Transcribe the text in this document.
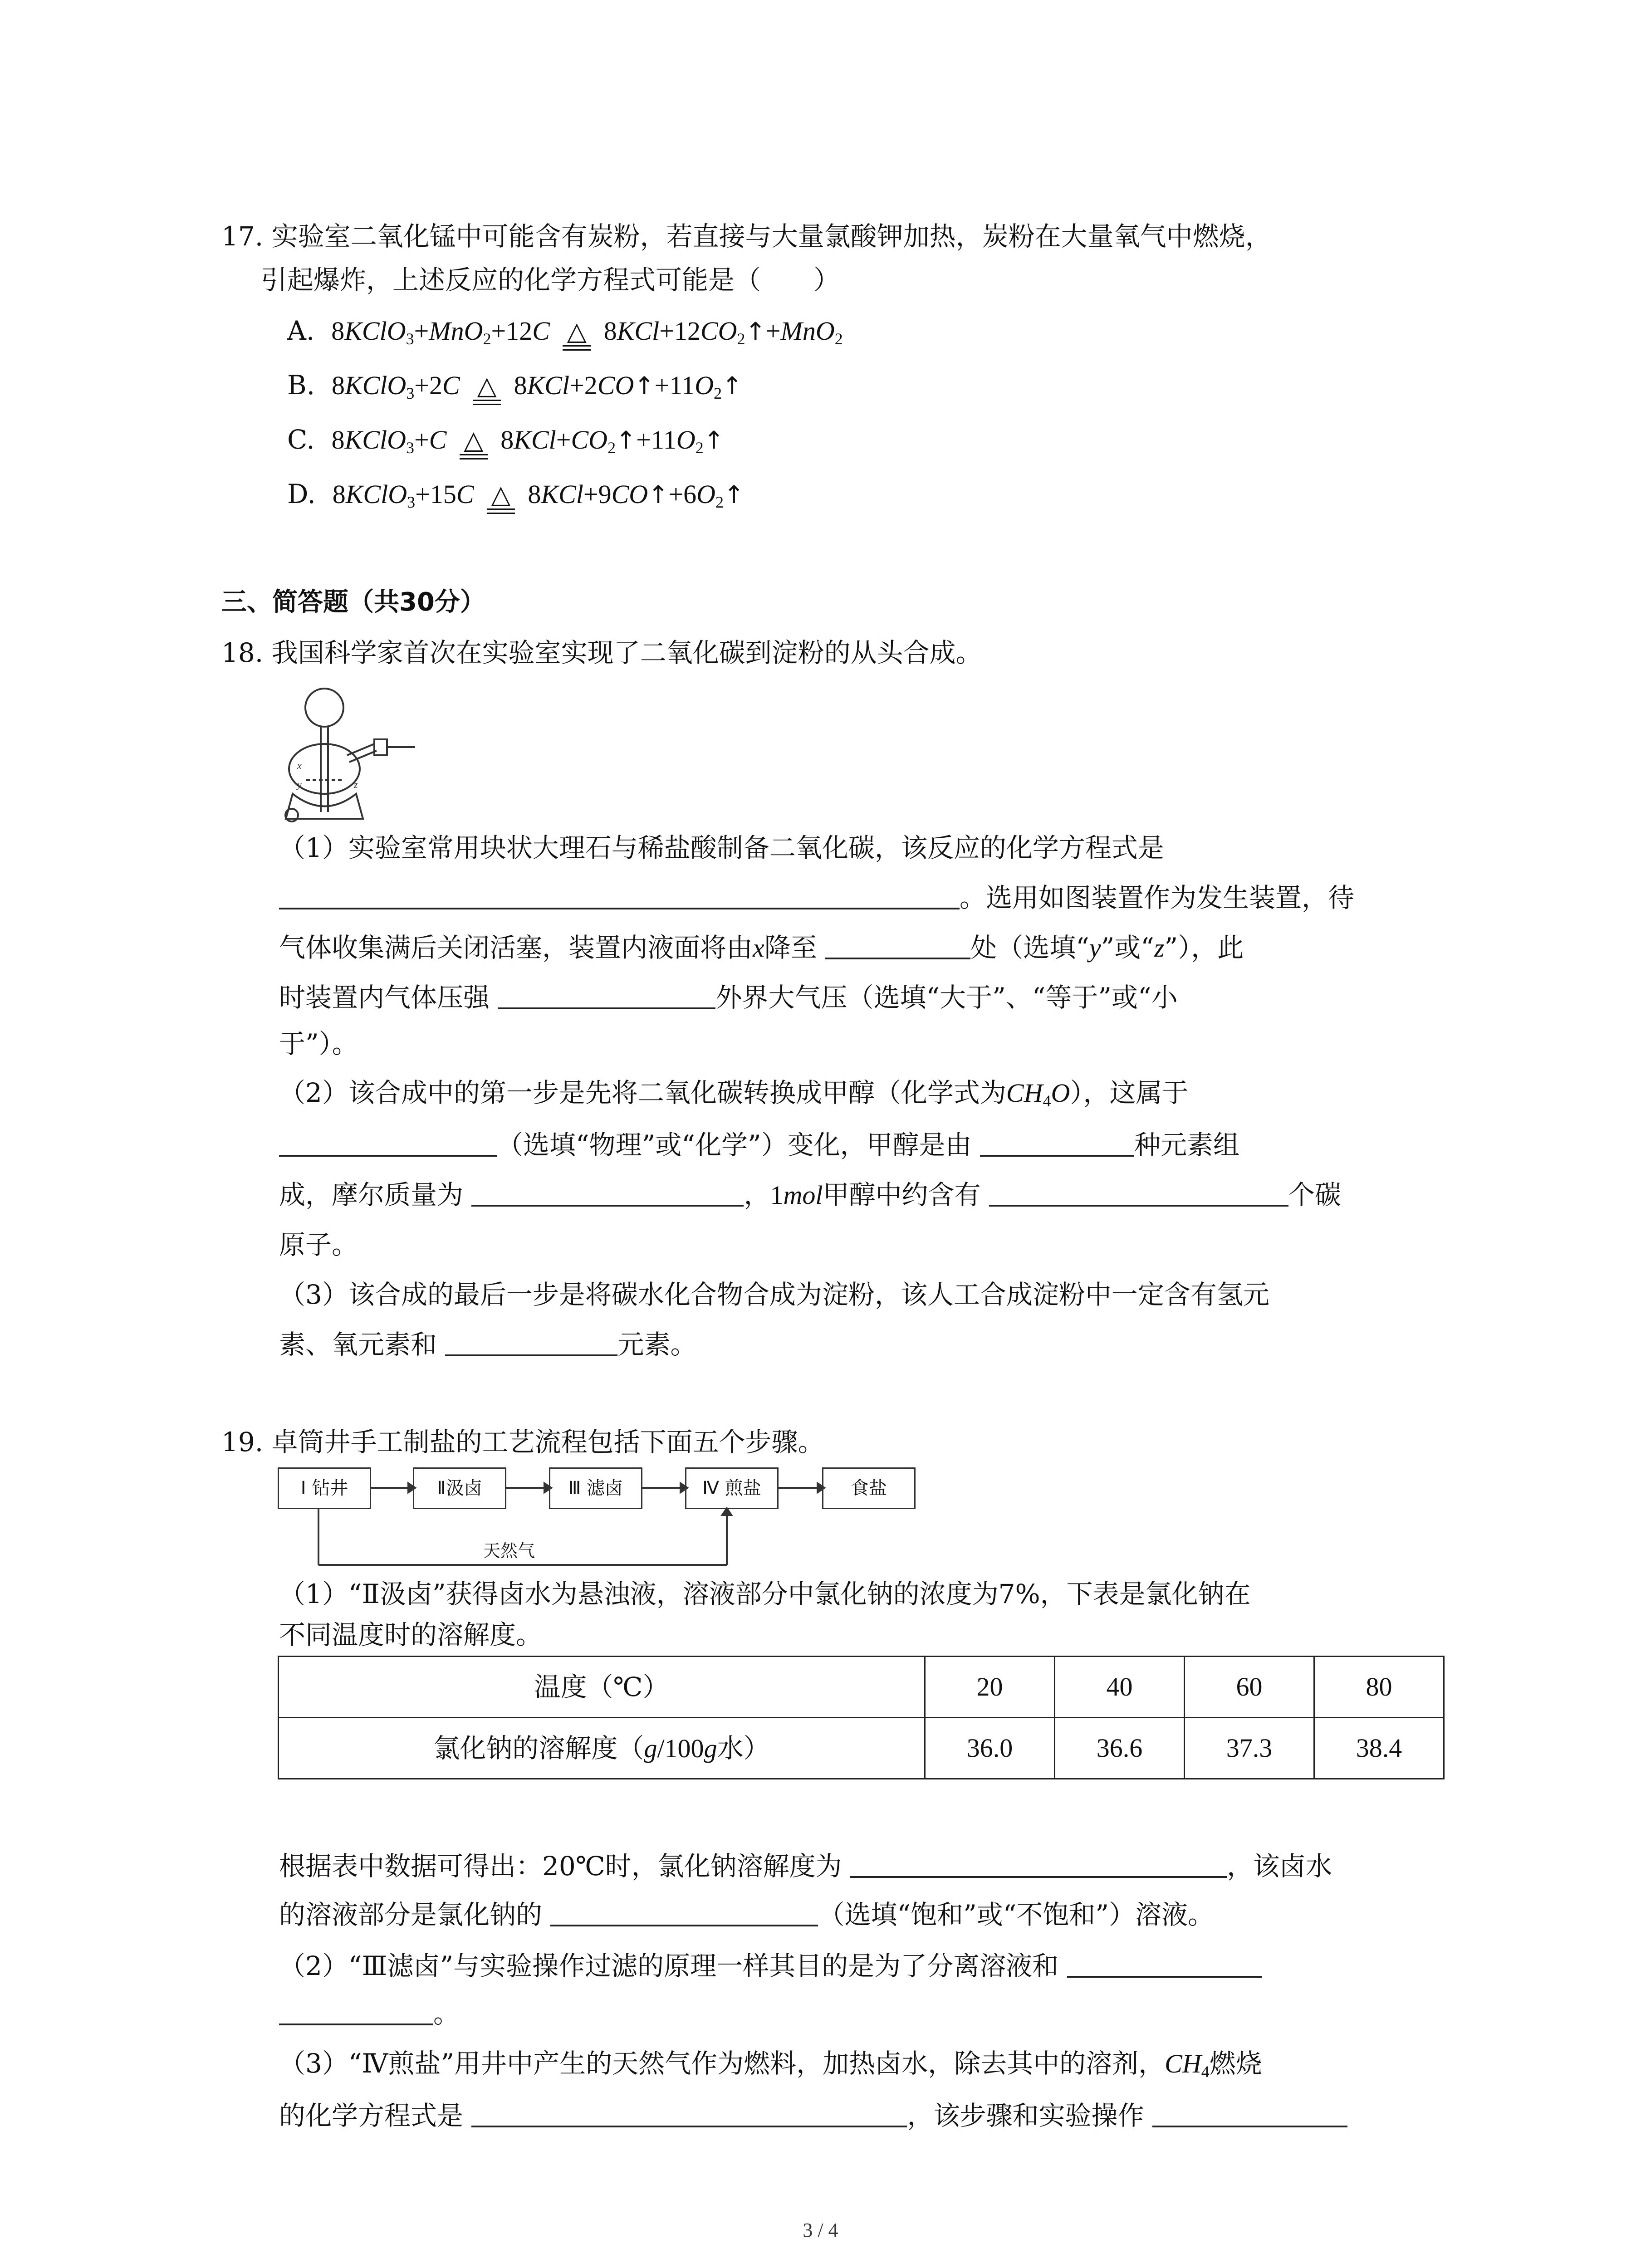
17. 实验室二氧化锰中可能含有炭粉，若直接与大量氯酸钾加热，炭粉在大量氧气中燃烧，
引起爆炸，上述反应的化学方程式可能是（　　）
A. 8KClO$_3$+MnO$_2$+12C △ $8KCl+12CO_2↑+MnO_2$
B. 8KClO$_3$+2C △ $8KCl+2CO↑+11O_2↑$
C. 8KClO$_3$+C △ $8KCl+CO_2↑+11O_2↑$
D. 8KClO$_3$+15C △ $8KCl+9CO↑+6O_2↑$
三、简答题（共30分）
18. 我国科学家首次在实验室实现了二氧化碳到淀粉的从头合成。
x
y	z
（1）实验室常用块状大理石与稀盐酸制备二氧化碳，该反应的化学方程式是
。选用如图装置作为发生装置，待
气体收集满后关闭活塞，装置内液面将由x降至	处（选填“y”或“z”），此
时装置内气体压强	外界大气压（选填“大于”、“等于”或“小
于”）。
（2）该合成中的第一步是先将二氧化碳转换成甲醇（化学式为$CH_4O$），这属于
（选填“物理”或“化学”）变化，甲醇是由	种元素组
成，摩尔质量为	，1mol甲醇中约含有	个碳
原子。
（3）该合成的最后一步是将碳水化合物合成为淀粉，该人工合成淀粉中一定含有氢元
素、氧元素和	元素。
19. 卓筒井手工制盐的工艺流程包括下面五个步骤。
Ⅰ 钻井	Ⅱ汲卤	Ⅲ 滤卤	Ⅳ 煎盐	食盐
天然气
（1）“Ⅱ汲卤”获得卤水为悬浊液，溶液部分中氯化钠的浓度为7%，下表是氯化钠在
不同温度时的溶解度。
温度（℃）	20	40	60	80
氯化钠的溶解度（g/100g水）	36.0	36.6	37.3	38.4
根据表中数据可得出：20℃时，氯化钠溶解度为	，该卤水
的溶液部分是氯化钠的	（选填“饱和”或“不饱和”）溶液。
（2）“Ⅲ滤卤”与实验操作过滤的原理一样其目的是为了分离溶液和
。
（3）“Ⅳ煎盐”用井中产生的天然气作为燃料，加热卤水，除去其中的溶剂，$CH_4$燃烧
的化学方程式是	，该步骤和实验操作
3 / 4
